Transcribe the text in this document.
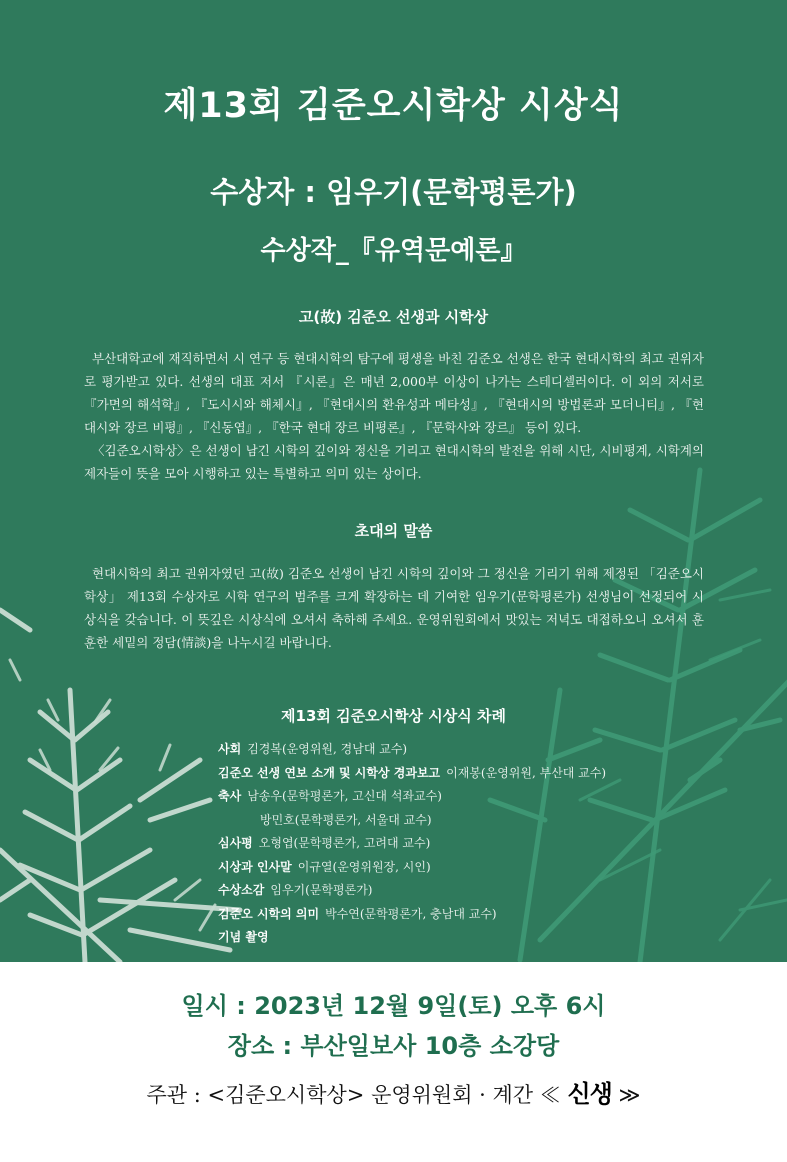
제13회 김준오시학상 시상식
수상자 : 임우기(문학평론가)
수상작_『유역문예론』
고(故) 김준오 선생과 시학상

부산대학교에 재직하면서 시 연구 등 현대시학의 탐구에 평생을 바친 김준오 선생은 한국 현대시학의 최고 권위자로 평가받고 있다. 선생의 대표 저서 『시론』은 매년 2,000부 이상이 나가는 스테디셀러이다. 이 외의 저서로 『가면의 해석학』, 『도시시와 해체시』, 『현대시의 환유성과 메타성』, 『현대시의 방법론과 모더니티』, 『현대시와 장르 비평』, 『신동엽』, 『한국 현대 장르 비평론』, 『문학사와 장르』 등이 있다.

〈김준오시학상〉은 선생이 남긴 시학의 깊이와 정신을 기리고 현대시학의 발전을 위해 시단, 시비평계, 시학계의 제자들이 뜻을 모아 시행하고 있는 특별하고 의미 있는 상이다.

초대의 말씀

현대시학의 최고 권위자였던 고(故) 김준오 선생이 남긴 시학의 깊이와 그 정신을 기리기 위해 제정된 「김준오시학상」 제13회 수상자로 시학 연구의 범주를 크게 확장하는 데 기여한 임우기(문학평론가) 선생님이 선정되어 시상식을 갖습니다. 이 뜻깊은 시상식에 오셔서 축하해 주세요. 운영위원회에서 맛있는 저녁도 대접하오니 오셔서 훈훈한 세밑의 정담(情談)을 나누시길 바랍니다.

제13회 김준오시학상 시상식 차례
사회 김경복(운영위원, 경남대 교수)
김준오 선생 연보 소개 및 시학상 경과보고 이재봉(운영위원, 부산대 교수)
축사 남송우(문학평론가, 고신대 석좌교수)
방민호(문학평론가, 서울대 교수)
심사평 오형엽(문학평론가, 고려대 교수)
시상과 인사말 이규열(운영위원장, 시인)
수상소감 임우기(문학평론가)
김준오 시학의 의미 박수연(문학평론가, 충남대 교수)
기념 촬영
일시 : 2023년 12월 9일(토) 오후 6시
장소 : 부산일보사 10층 소강당
주관 : <김준오시학상> 운영위원회 · 계간 ≪ 신생 ≫
